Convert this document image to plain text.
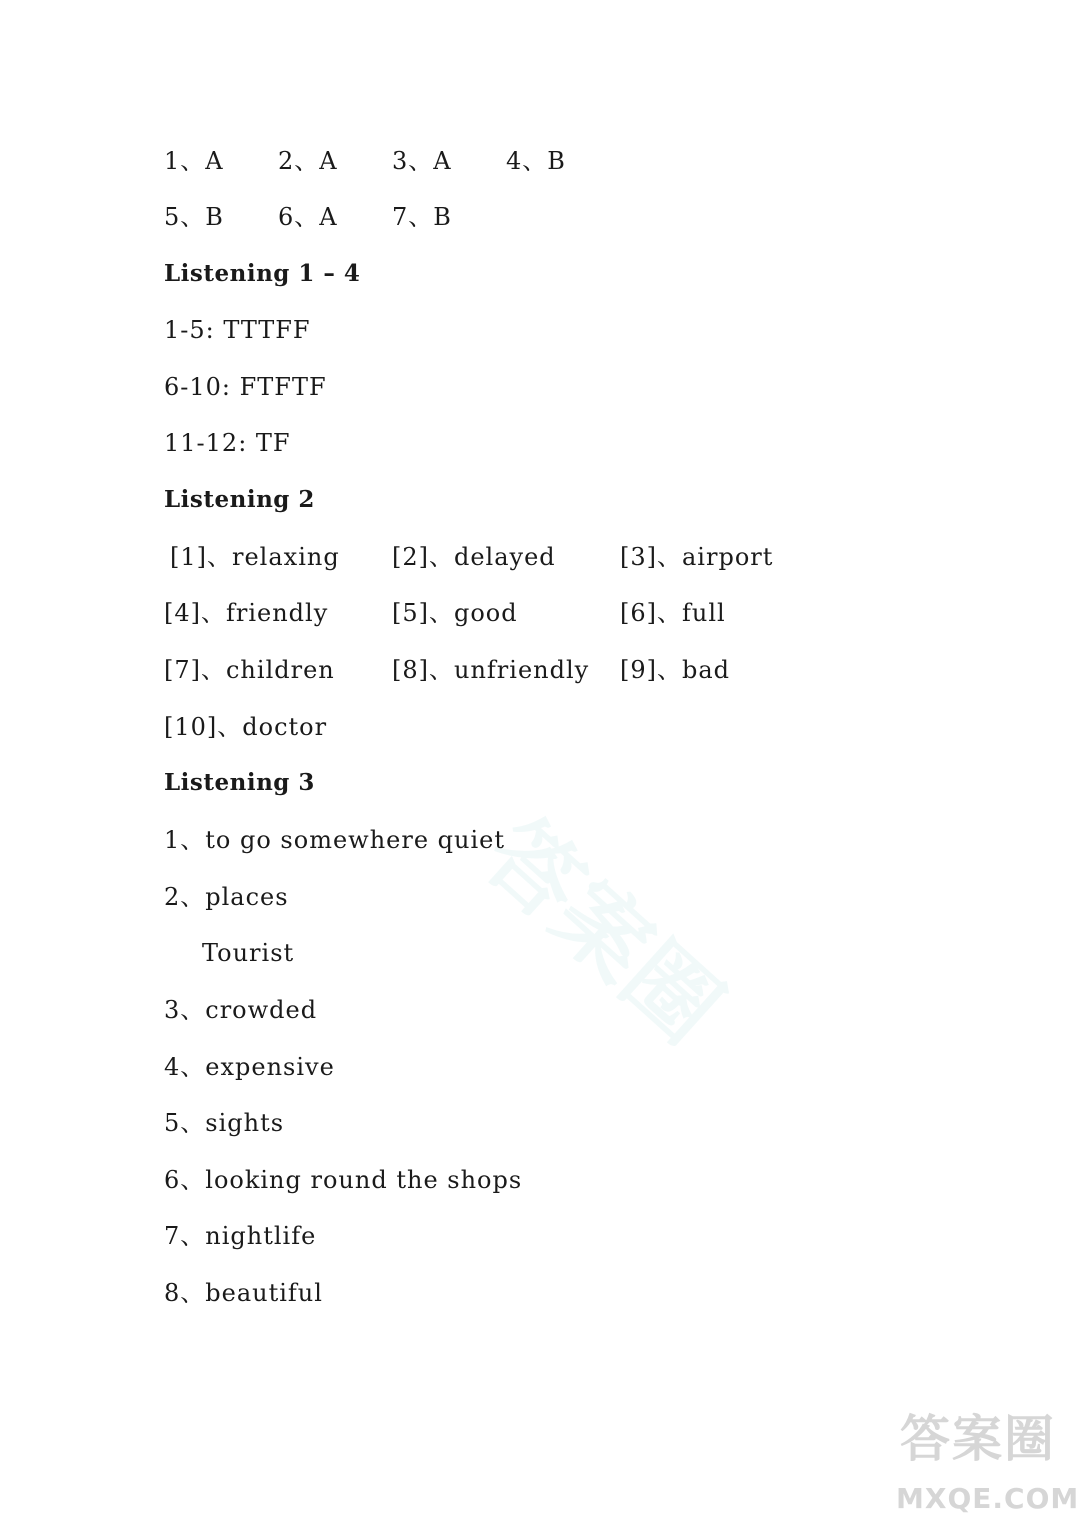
答案圈
1、A 2、A 3、A 4、B
5、B 6、A 7、B
Listening 1 – 4
1-5: TTTFF
6-10: FTFTF
11-12: TF
Listening 2
[1]、relaxing [2]、delayed	[3]、airport
[4]、friendly	[5]、good	[6]、full
[7]、children [8]、unfriendly [9]、bad
[10]、doctor
Listening 3
1、to go somewhere quiet
2、places
Tourist
3、crowded
4、expensive
5、sights
6、looking round the shops
7、nightlife
8、beautiful
答案圈
MXQE.COM
